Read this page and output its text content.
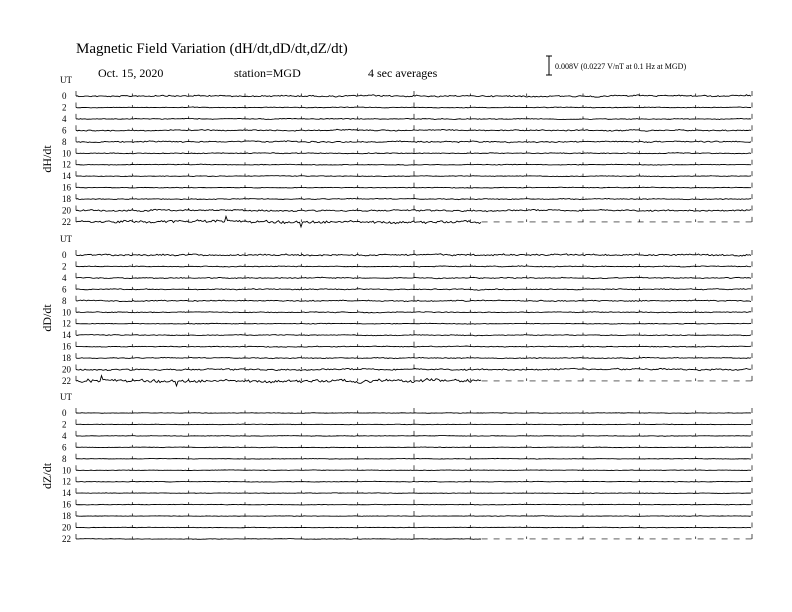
Magnetic Field Variation (dH/dt,dD/dt,dZ/dt)
Oct. 15, 2020	station=MGD	4 sec averages	0.008V (0.0227 V/nT at 0.1 Hz at MGD)
UT
dH/dt
0
2
4
6
8
10
12
14
16
18
20
22
UT
dD/dt
0
2
4
6
8
10
12
14
16
18
20
22
UT
dZ/dt
0
2
4
6
8
10
12
14
16
18
20
22
